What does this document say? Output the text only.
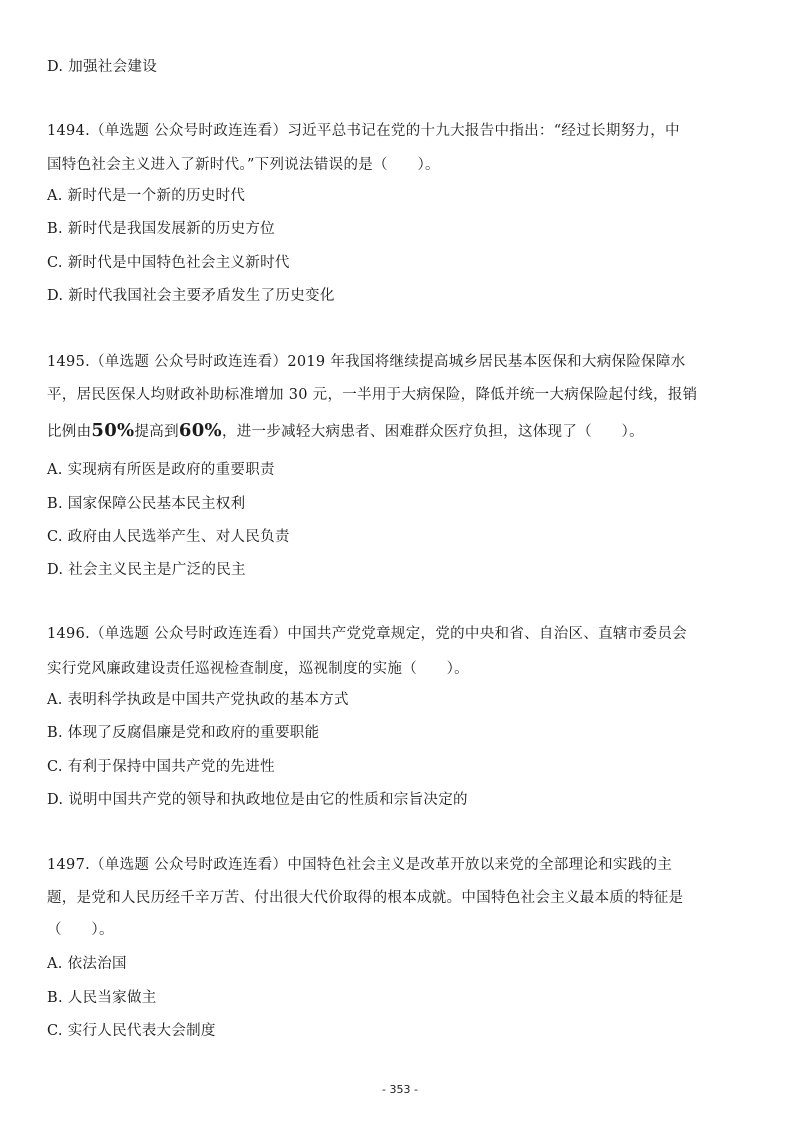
D. 加强社会建设
1494.（单选题 公众号时政连连看）习近平总书记在党的十九大报告中指出：“经过长期努力，中
国特色社会主义进入了新时代。”下列说法错误的是（　　）。
A. 新时代是一个新的历史时代
B. 新时代是我国发展新的历史方位
C. 新时代是中国特色社会主义新时代
D. 新时代我国社会主要矛盾发生了历史变化
1495.（单选题 公众号时政连连看）2019 年我国将继续提高城乡居民基本医保和大病保险保障水
平，居民医保人均财政补助标准增加 30 元，一半用于大病保险，降低并统一大病保险起付线，报销
比例由50%提高到60%，进一步减轻大病患者、困难群众医疗负担，这体现了（　　）。
A. 实现病有所医是政府的重要职责
B. 国家保障公民基本民主权利
C. 政府由人民选举产生、对人民负责
D. 社会主义民主是广泛的民主
1496.（单选题 公众号时政连连看）中国共产党党章规定，党的中央和省、自治区、直辖市委员会
实行党风廉政建设责任巡视检查制度，巡视制度的实施（　　）。
A. 表明科学执政是中国共产党执政的基本方式
B. 体现了反腐倡廉是党和政府的重要职能
C. 有利于保持中国共产党的先进性
D. 说明中国共产党的领导和执政地位是由它的性质和宗旨决定的
1497.（单选题 公众号时政连连看）中国特色社会主义是改革开放以来党的全部理论和实践的主
题，是党和人民历经千辛万苦、付出很大代价取得的根本成就。中国特色社会主义最本质的特征是
（　　）。
A. 依法治国
B. 人民当家做主
C. 实行人民代表大会制度
- 353 -
